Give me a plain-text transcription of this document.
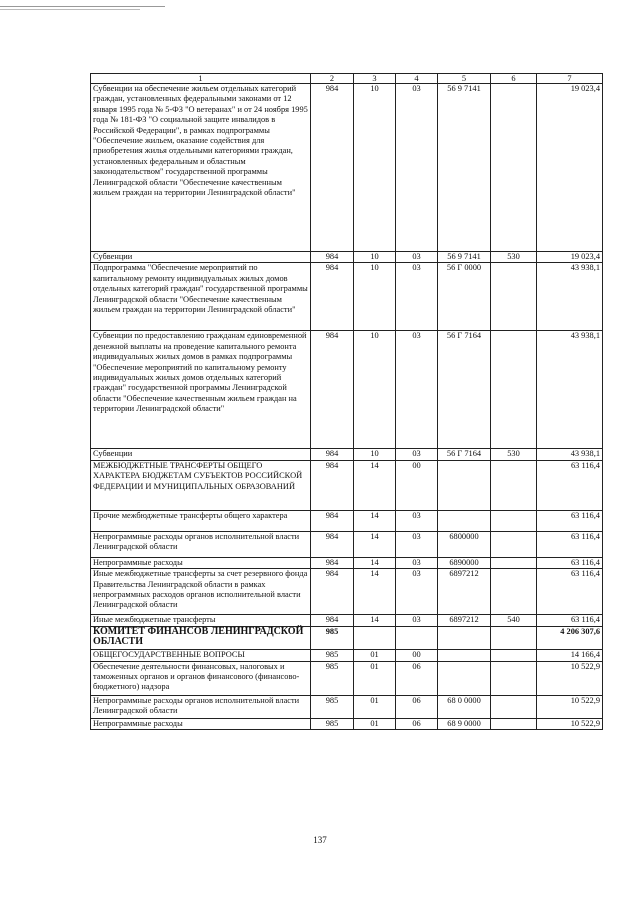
1	2	3	4	5	6	7
Субвенции на обеспечение жильем отдельных категорий граждан, установленных федеральными законами от 12 января 1995 года № 5-ФЗ "О ветеранах" и от 24 ноября 1995 года № 181-ФЗ "О социальной защите инвалидов в Российской Федерации", в рамках подпрограммы "Обеспечение жильем, оказание содействия для приобретения жилья отдельными категориями граждан, установленных федеральным и областным законодательством" государственной программы Ленинградской области "Обеспечение качественным жильем граждан на территории Ленинградской области"	984	10	03	56 9 7141		19 023,4
Субвенции	984	10	03	56 9 7141	530	19 023,4
Подпрограмма "Обеспечение мероприятий по капитальному ремонту индивидуальных жилых домов отдельных категорий граждан" государственной программы Ленинградской области "Обеспечение качественным жильем граждан на территории Ленинградской области"	984	10	03	56 Г 0000		43 938,1
Субвенции по предоставлению гражданам единовременной денежной выплаты на проведение капитального ремонта индивидуальных жилых домов в рамках подпрограммы "Обеспечение мероприятий по капитальному ремонту индивидуальных жилых домов отдельных категорий граждан" государственной программы Ленинградской области "Обеспечение качественным жильем граждан на территории Ленинградской области"	984	10	03	56 Г 7164		43 938,1
Субвенции	984	10	03	56 Г 7164	530	43 938,1
МЕЖБЮДЖЕТНЫЕ ТРАНСФЕРТЫ ОБЩЕГО ХАРАКТЕРА БЮДЖЕТАМ СУБЪЕКТОВ РОССИЙСКОЙ ФЕДЕРАЦИИ И МУНИЦИПАЛЬНЫХ ОБРАЗОВАНИЙ	984	14	00			63 116,4
Прочие межбюджетные трансферты общего характера	984	14	03			63 116,4
Непрограммные расходы органов исполнительной власти Ленинградской области	984	14	03	6800000		63 116,4
Непрограммные расходы	984	14	03	6890000		63 116,4
Иные межбюджетные трансферты за счет резервного фонда Правительства Ленинградской области в рамках непрограммных расходов органов исполнительной власти Ленинградской области	984	14	03	6897212		63 116,4
Иные межбюджетные трансферты	984	14	03	6897212	540	63 116,4
КОМИТЕТ ФИНАНСОВ ЛЕНИНГРАДСКОЙ ОБЛАСТИ	985					4 206 307,6
ОБЩЕГОСУДАРСТВЕННЫЕ ВОПРОСЫ	985	01	00			14 166,4
Обеспечение деятельности финансовых, налоговых и таможенных органов и органов финансового (финансово-бюджетного) надзора	985	01	06			10 522,9
Непрограммные расходы органов исполнительной власти Ленинградской области	985	01	06	68 0 0000		10 522,9
Непрограммные расходы	985	01	06	68 9 0000		10 522,9
137
